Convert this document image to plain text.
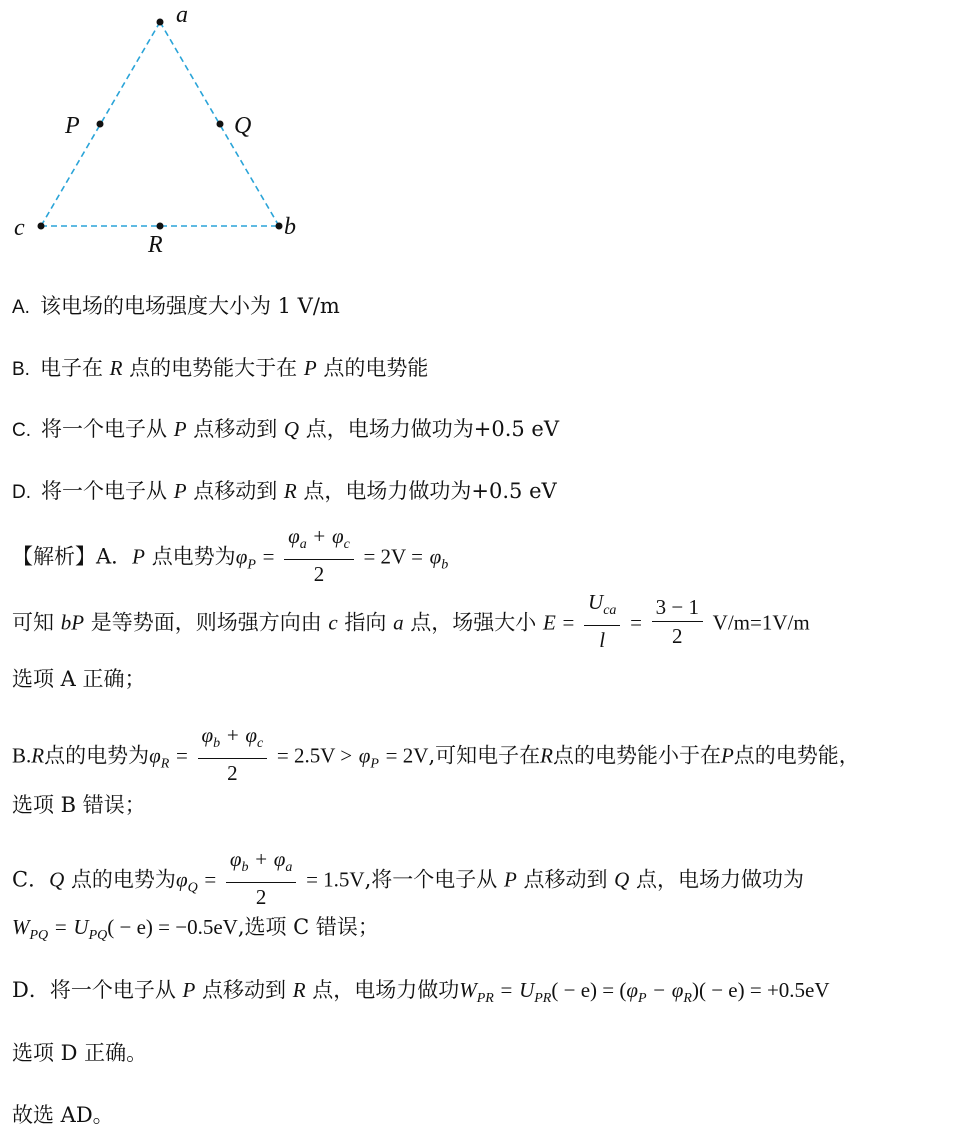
a
b
c
P	Q
R
A. 该电场的电场强度大小为 1 V/m
B. 电子在 R 点的电势能大于在 P 点的电势能
C. 将一个电子从 P 点移动到 Q 点，电场力做功为+0.5 eV
D. 将一个电子从 P 点移动到 R 点，电场力做功为+0.5 eV
【解析】A．P 点电势为$\varphi_P = \frac{\varphi_a + \varphi_c}{2} = 2V = \varphi_b$
可知 bP 是等势面，则场强方向由 c 指向 a 点，场强大小 $E = \frac{U_{ca}}{l} = \frac{3 - 1}{2} V/m=1V/m$
选项 A 正确；
B.R点的电势为$\varphi_R = \frac{\varphi_b + \varphi_c}{2} = 2.5V > \varphi_P = 2V$,可知电子在R点的电势能小于在P点的电势能，
选项 B 错误；
C．Q 点的电势为$\varphi_Q = \frac{\varphi_b + \varphi_a}{2} = 1.5V$,将一个电子从 P 点移动到 Q 点，电场力做功为
$W_{PQ} = U_{PQ}( - e) = -0.5eV$,选项 C 错误；
D．将一个电子从 P 点移动到 R 点，电场力做功$W_{PR} = U_{PR}( - e) = (\varphi_P - \varphi_R)( - e) = +0.5eV$
选项 D 正确。
故选 AD。
